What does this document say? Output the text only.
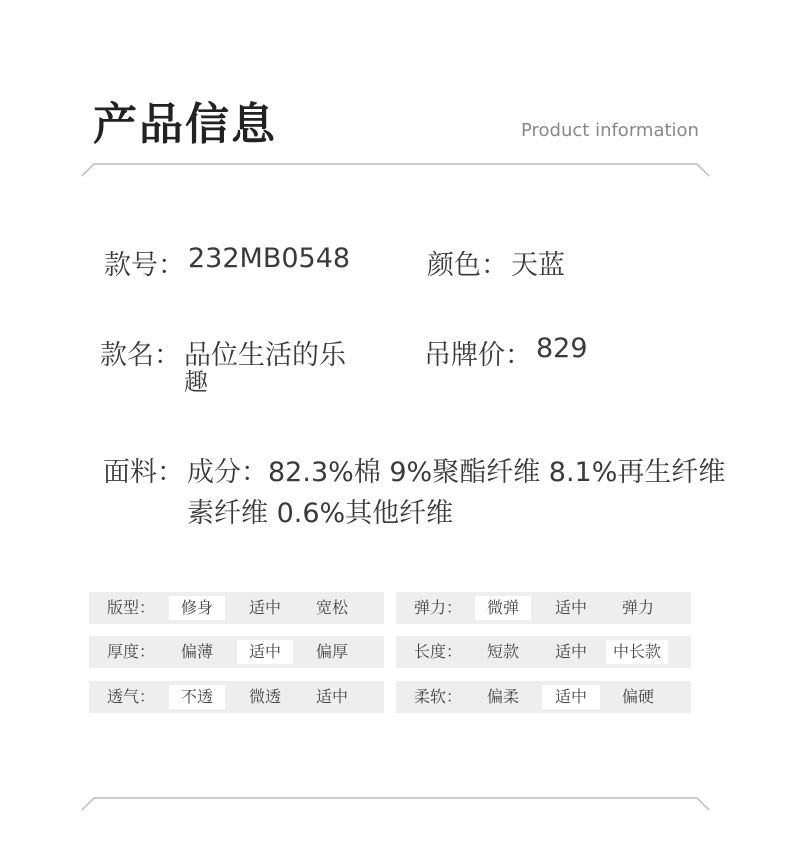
产品信息	Product information
款号： 232MB0548	颜色： 天蓝
款名： 品位生活的乐
趣
吊牌价： 829
面料： 成分：82.3%棉 9%聚酯纤维 8.1%再生纤维
素纤维 0.6%其他纤维
版型：	修身	适中	宽松	弹力：	微弹	适中	弹力
厚度：	偏薄	适中	偏厚	长度：	短款	适中	中长款
透气：	不透	微透	适中	柔软：	偏柔	适中	偏硬
